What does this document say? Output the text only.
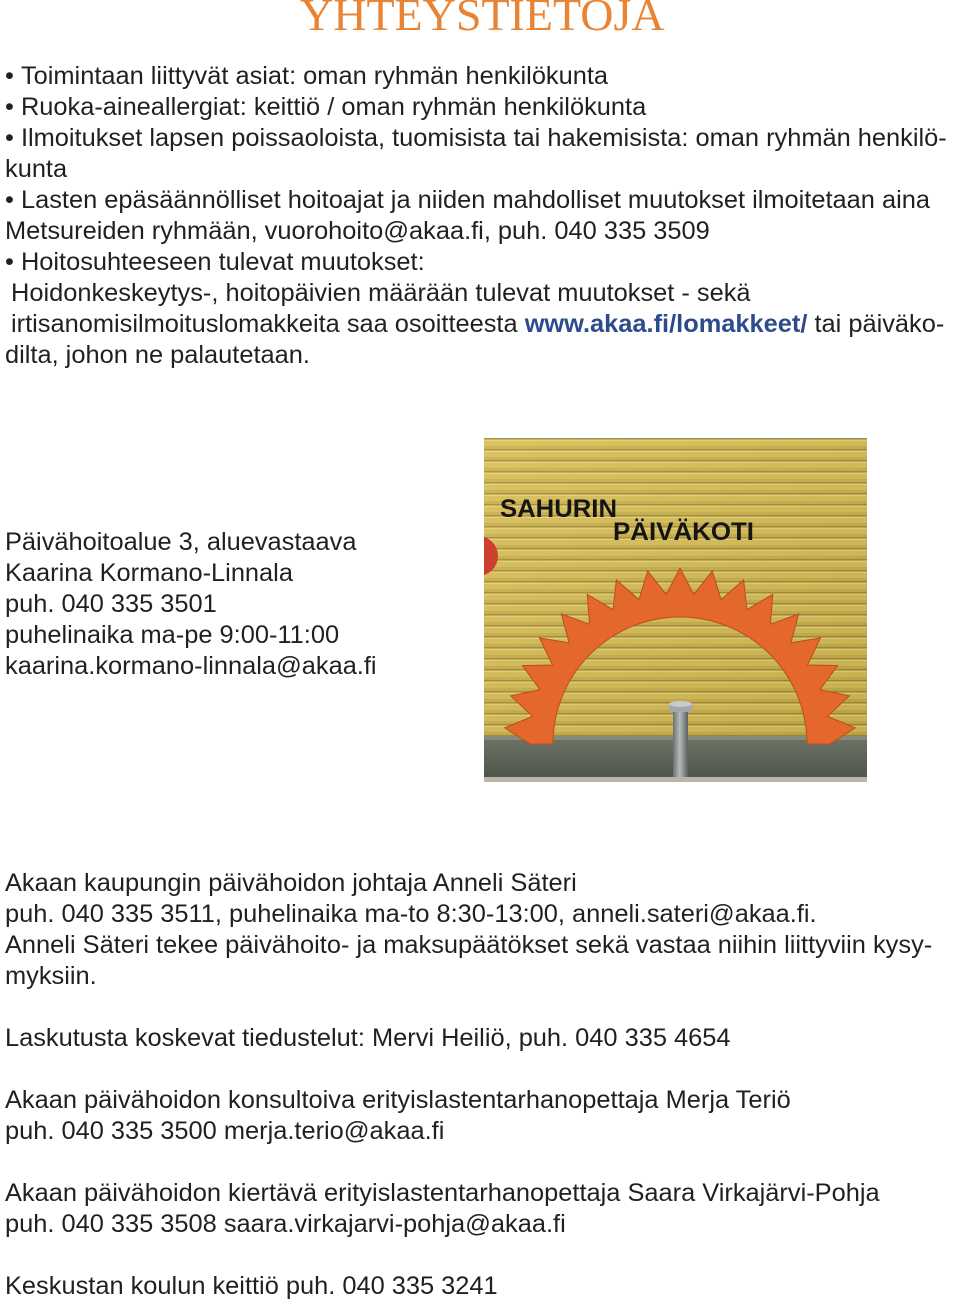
YHTEYSTIETOJA
• Toimintaan liittyvät asiat: oman ryhmän henkilökunta
• Ruoka-aineallergiat: keittiö / oman ryhmän henkilökunta
• Ilmoitukset lapsen poissaoloista, tuomisista tai hakemisista: oman ryhmän henkilö-
kunta
• Lasten epäsäännölliset hoitoajat ja niiden mahdolliset muutokset ilmoitetaan aina
Metsureiden ryhmään, vuorohoito@akaa.fi, puh. 040 335 3509
• Hoitosuhteeseen tulevat muutokset:
Hoidonkeskeytys-, hoitopäivien määrään tulevat muutokset - sekä
irtisanomisilmoituslomakkeita saa osoitteesta www.akaa.fi/lomakkeet/ tai päiväko-
dilta, johon ne palautetaan.
Päivähoitoalue 3, aluevastaava
Kaarina Kormano-Linnala
puh. 040 335 3501
puhelinaika ma-pe 9:00-11:00
kaarina.kormano-linnala@akaa.fi
SAHURIN
PÄIVÄKOTI
Akaan kaupungin päivähoidon johtaja Anneli Säteri
puh. 040 335 3511, puhelinaika ma-to 8:30-13:00, anneli.sateri@akaa.fi.
Anneli Säteri tekee päivähoito- ja maksupäätökset sekä vastaa niihin liittyviin kysy-
myksiin.
Laskutusta koskevat tiedustelut: Mervi Heiliö, puh. 040 335 4654
Akaan päivähoidon konsultoiva erityislastentarhanopettaja Merja Teriö
puh. 040 335 3500 merja.terio@akaa.fi
Akaan päivähoidon kiertävä erityislastentarhanopettaja Saara Virkajärvi-Pohja
puh. 040 335 3508 saara.virkajarvi-pohja@akaa.fi
Keskustan koulun keittiö puh. 040 335 3241
